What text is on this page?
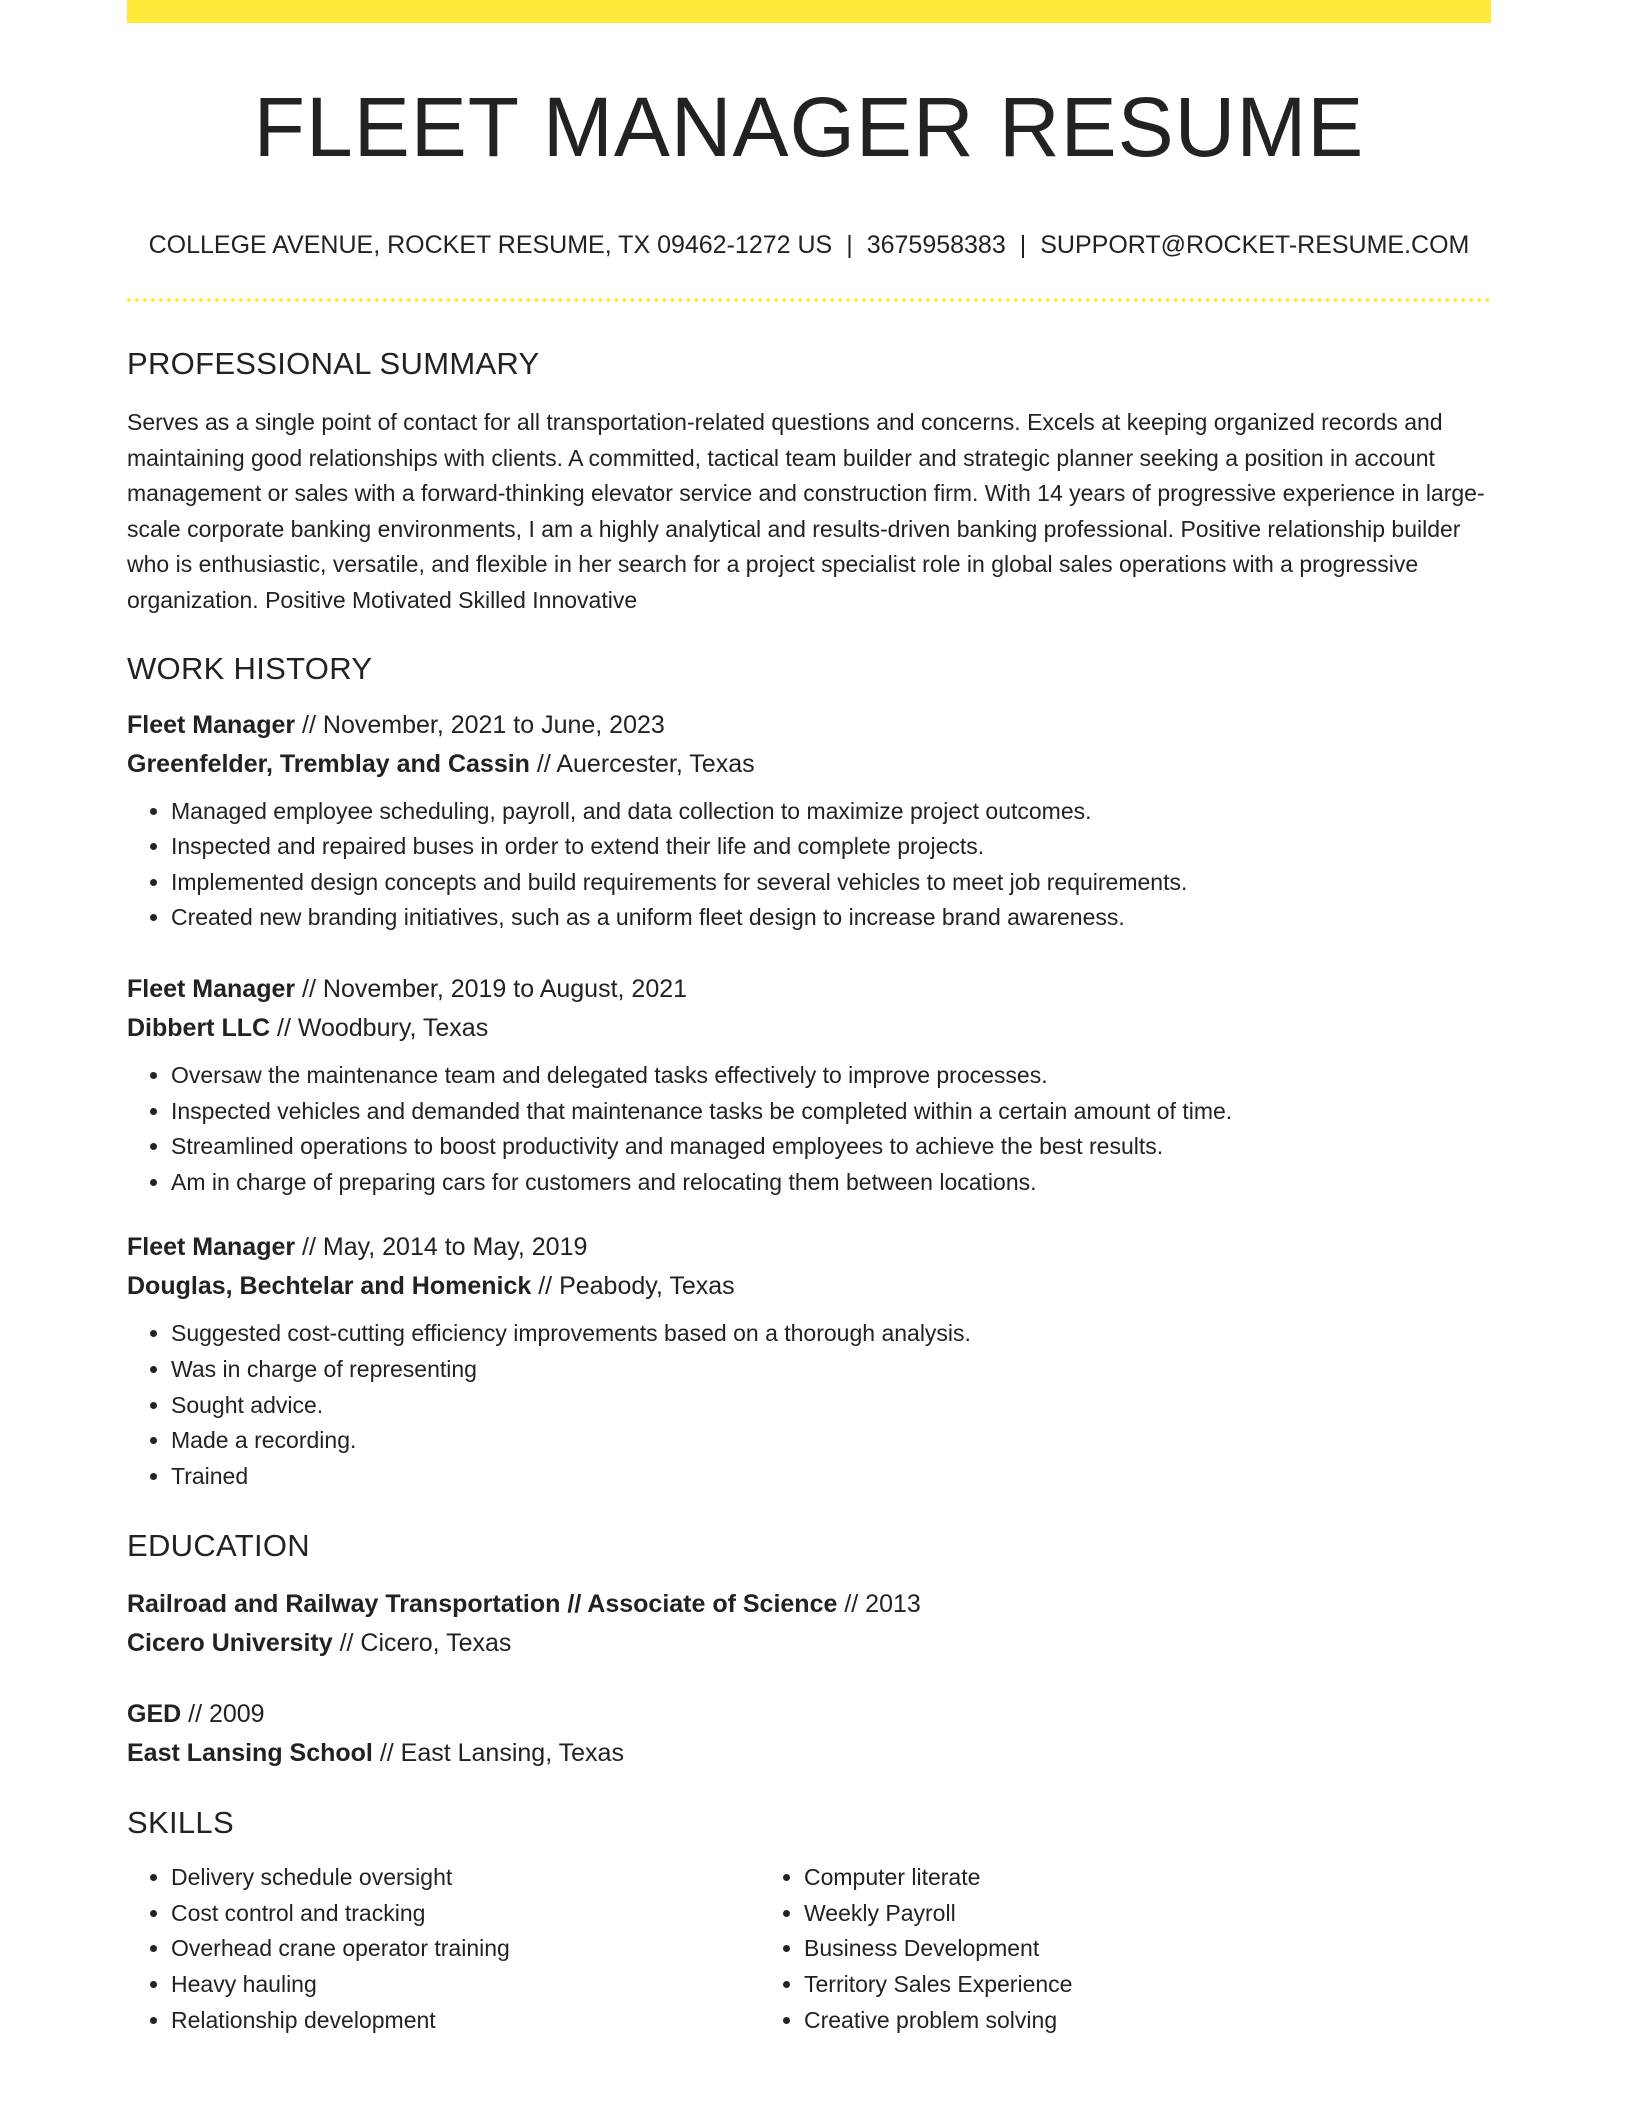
FLEET MANAGER RESUME
COLLEGE AVENUE, ROCKET RESUME, TX 09462-1272 US | 3675958383 | SUPPORT@ROCKET-RESUME.COM
PROFESSIONAL SUMMARY
Serves as a single point of contact for all transportation-related questions and concerns. Excels at keeping organized records and maintaining good relationships with clients. A committed, tactical team builder and strategic planner seeking a position in account management or sales with a forward-thinking elevator service and construction firm. With 14 years of progressive experience in large-scale corporate banking environments, I am a highly analytical and results-driven banking professional. Positive relationship builder who is enthusiastic, versatile, and flexible in her search for a project specialist role in global sales operations with a progressive organization. Positive Motivated Skilled Innovative
WORK HISTORY
Fleet Manager // November, 2021 to June, 2023
Greenfelder, Tremblay and Cassin // Auercester, Texas
• Managed employee scheduling, payroll, and data collection to maximize project outcomes.
• Inspected and repaired buses in order to extend their life and complete projects.
• Implemented design concepts and build requirements for several vehicles to meet job requirements.
• Created new branding initiatives, such as a uniform fleet design to increase brand awareness.
Fleet Manager // November, 2019 to August, 2021
Dibbert LLC // Woodbury, Texas
• Oversaw the maintenance team and delegated tasks effectively to improve processes.
• Inspected vehicles and demanded that maintenance tasks be completed within a certain amount of time.
• Streamlined operations to boost productivity and managed employees to achieve the best results.
• Am in charge of preparing cars for customers and relocating them between locations.
Fleet Manager // May, 2014 to May, 2019
Douglas, Bechtelar and Homenick // Peabody, Texas
• Suggested cost-cutting efficiency improvements based on a thorough analysis.
• Was in charge of representing
• Sought advice.
• Made a recording.
• Trained
EDUCATION
Railroad and Railway Transportation // Associate of Science // 2013
Cicero University // Cicero, Texas
GED // 2009
East Lansing School // East Lansing, Texas
SKILLS
• Delivery schedule oversight
• Cost control and tracking
• Overhead crane operator training
• Heavy hauling
• Relationship development
• Computer literate
• Weekly Payroll
• Business Development
• Territory Sales Experience
• Creative problem solving
